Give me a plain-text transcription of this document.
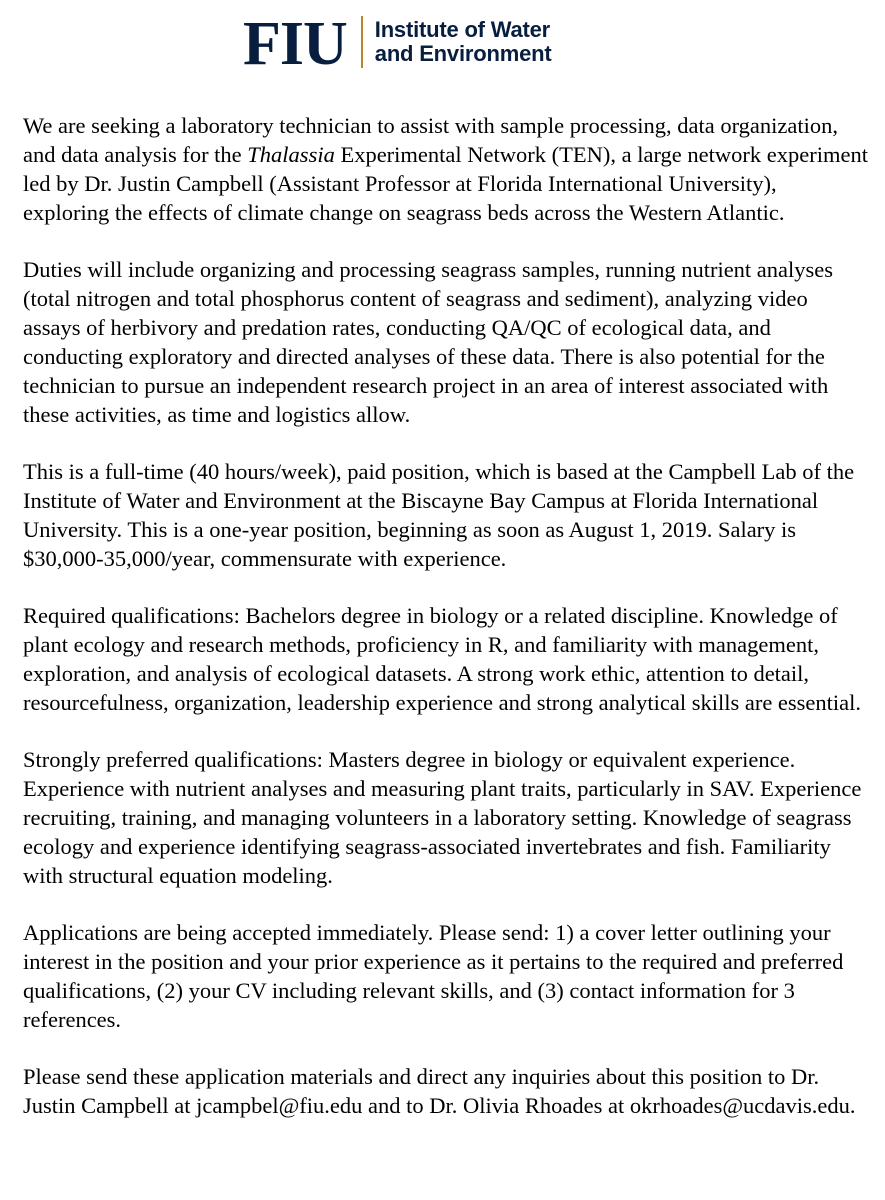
FIU	Institute of Water
and Environment

We are seeking a laboratory technician to assist with sample processing, data organization, and data analysis for the Thalassia Experimental Network (TEN), a large network experiment led by Dr. Justin Campbell (Assistant Professor at Florida International University), exploring the effects of climate change on seagrass beds across the Western Atlantic.

Duties will include organizing and processing seagrass samples, running nutrient analyses (total nitrogen and total phosphorus content of seagrass and sediment), analyzing video assays of herbivory and predation rates, conducting QA/QC of ecological data, and conducting exploratory and directed analyses of these data. There is also potential for the technician to pursue an independent research project in an area of interest associated with these activities, as time and logistics allow.

This is a full-time (40 hours/week), paid position, which is based at the Campbell Lab of the Institute of Water and Environment at the Biscayne Bay Campus at Florida International University. This is a one-year position, beginning as soon as August 1, 2019. Salary is $30,000-35,000/year, commensurate with experience.

Required qualifications: Bachelors degree in biology or a related discipline. Knowledge of plant ecology and research methods, proficiency in R, and familiarity with management, exploration, and analysis of ecological datasets. A strong work ethic, attention to detail, resourcefulness, organization, leadership experience and strong analytical skills are essential.

Strongly preferred qualifications: Masters degree in biology or equivalent experience. Experience with nutrient analyses and measuring plant traits, particularly in SAV. Experience recruiting, training, and managing volunteers in a laboratory setting. Knowledge of seagrass ecology and experience identifying seagrass-associated invertebrates and fish. Familiarity with structural equation modeling.

Applications are being accepted immediately. Please send: 1) a cover letter outlining your interest in the position and your prior experience as it pertains to the required and preferred qualifications, (2) your CV including relevant skills, and (3) contact information for 3 references.

Please send these application materials and direct any inquiries about this position to Dr. Justin Campbell at jcampbel@fiu.edu and to Dr. Olivia Rhoades at okrhoades@ucdavis.edu.
